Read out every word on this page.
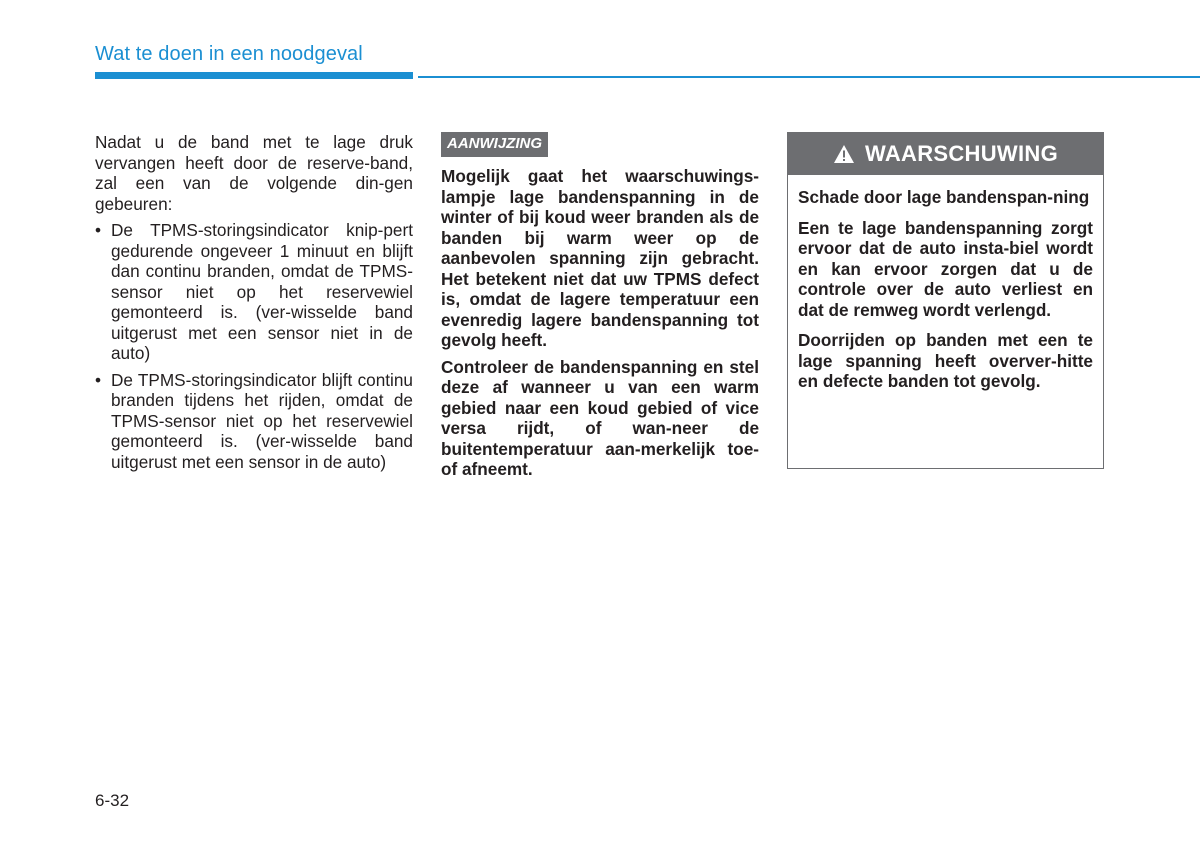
Wat te doen in een noodgeval

Nadat u de band met te lage druk vervangen heeft door de reserve-band, zal een van de volgende din-gen gebeuren:

• De TPMS-storingsindicator knip-pert gedurende ongeveer 1 minuut en blijft dan continu branden, omdat de TPMS-sensor niet op het reservewiel gemonteerd is. (ver-wisselde band uitgerust met een sensor niet in de auto)
• De TPMS-storingsindicator blijft continu branden tijdens het rijden, omdat de TPMS-sensor niet op het reservewiel gemonteerd is. (ver-wisselde band uitgerust met een sensor in de auto)
AANWIJZING

Mogelijk gaat het waarschuwings-lampje lage bandenspanning in de winter of bij koud weer branden als de banden bij warm weer op de aanbevolen spanning zijn gebracht. Het betekent niet dat uw TPMS defect is, omdat de lagere temperatuur een evenredig lagere bandenspanning tot gevolg heeft.

Controleer de bandenspanning en stel deze af wanneer u van een warm gebied naar een koud gebied of vice versa rijdt, of wan-neer de buitentemperatuur aan-merkelijk toe- of afneemt.

WAARSCHUWING

Schade door lage bandenspan-ning

Een te lage bandenspanning zorgt ervoor dat de auto insta-biel wordt en kan ervoor zorgen dat u de controle over de auto verliest en dat de remweg wordt verlengd.

Doorrijden op banden met een te lage spanning heeft overver-hitte en defecte banden tot gevolg.

6-32
